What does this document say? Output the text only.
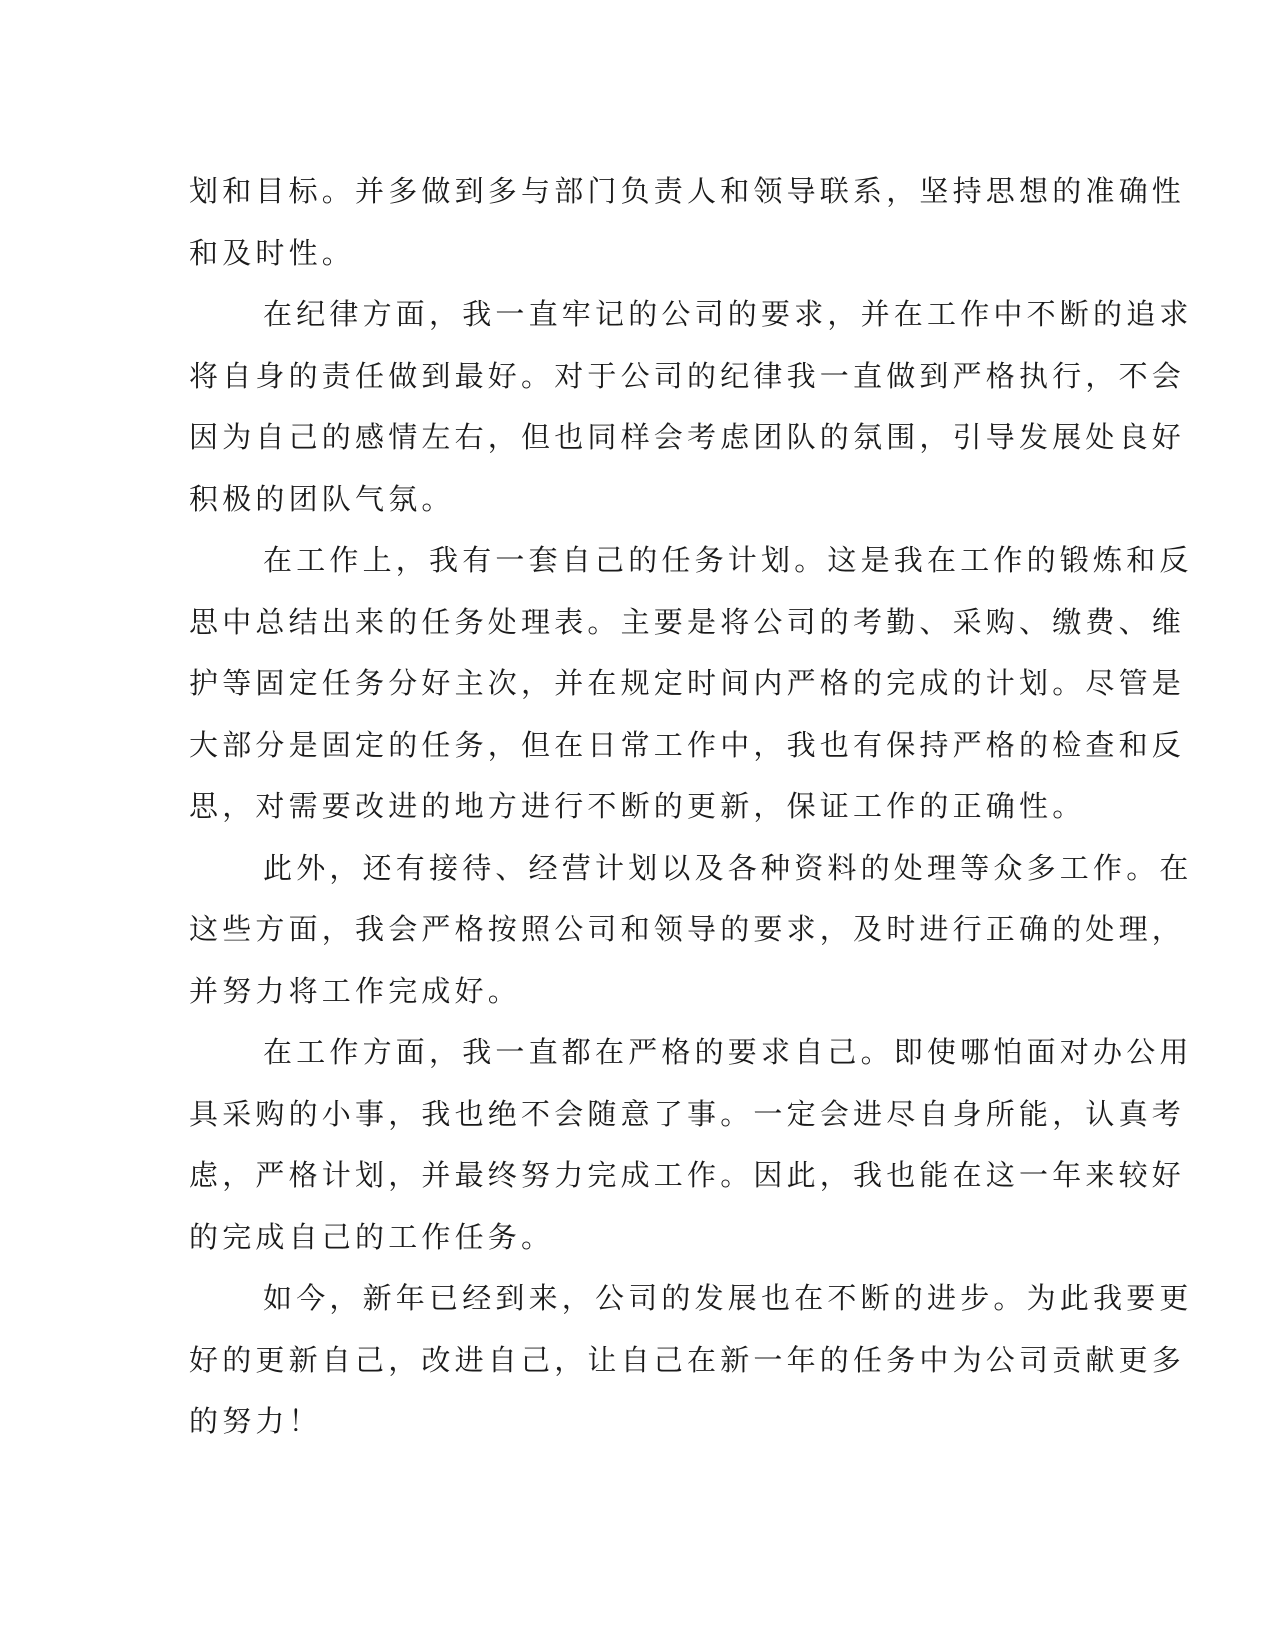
划和目标。并多做到多与部门负责人和领导联系，坚持思想的准确性
和及时性。
在纪律方面，我一直牢记的公司的要求，并在工作中不断的追求
将自身的责任做到最好。对于公司的纪律我一直做到严格执行，不会
因为自己的感情左右，但也同样会考虑团队的氛围，引导发展处良好
积极的团队气氛。
在工作上，我有一套自己的任务计划。这是我在工作的锻炼和反
思中总结出来的任务处理表。主要是将公司的考勤、采购、缴费、维
护等固定任务分好主次，并在规定时间内严格的完成的计划。尽管是
大部分是固定的任务，但在日常工作中，我也有保持严格的检查和反
思，对需要改进的地方进行不断的更新，保证工作的正确性。
此外，还有接待、经营计划以及各种资料的处理等众多工作。在
这些方面，我会严格按照公司和领导的要求，及时进行正确的处理，
并努力将工作完成好。
在工作方面，我一直都在严格的要求自己。即使哪怕面对办公用
具采购的小事，我也绝不会随意了事。一定会进尽自身所能，认真考
虑，严格计划，并最终努力完成工作。因此，我也能在这一年来较好
的完成自己的工作任务。
如今，新年已经到来，公司的发展也在不断的进步。为此我要更
好的更新自己，改进自己，让自己在新一年的任务中为公司贡献更多
的努力！
